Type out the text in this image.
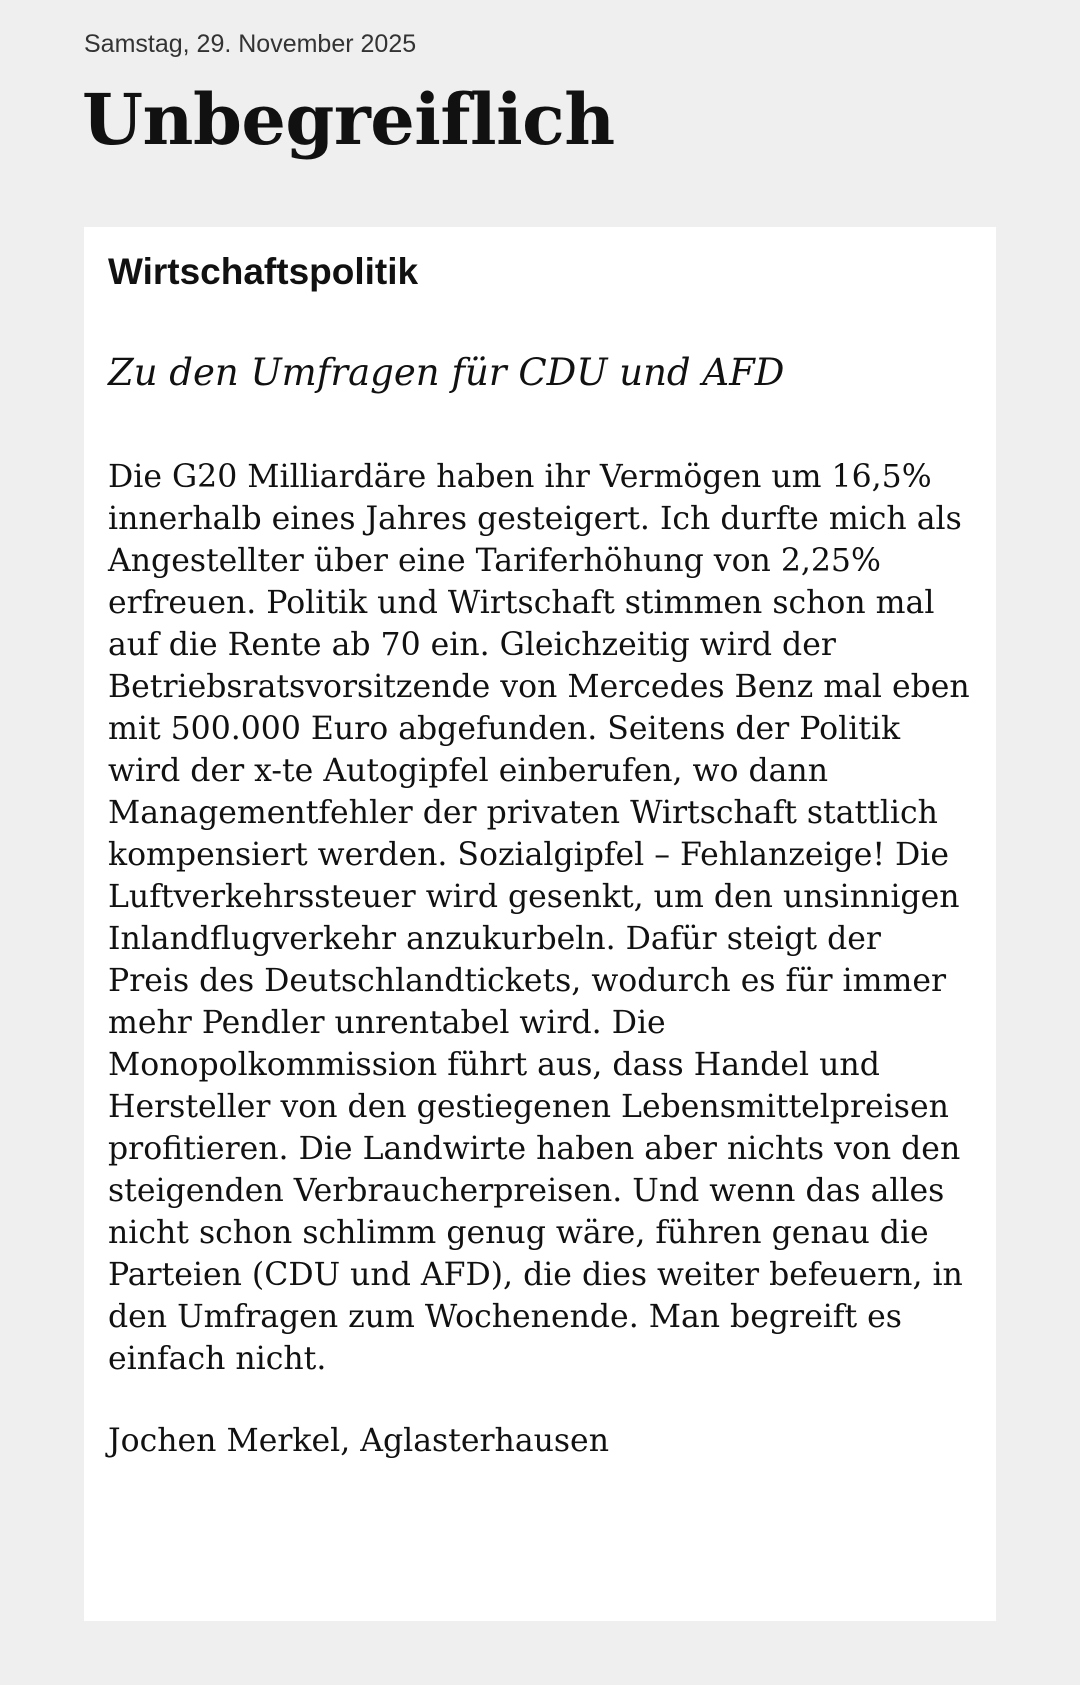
Samstag, 29. November 2025
Unbegreiflich
Wirtschaftspolitik
Zu den Umfragen für CDU und AFD

Die G20 Milliardäre haben ihr Vermögen um 16,5% innerhalb eines Jahres gesteigert. Ich durfte mich als Angestellter über eine Tariferhöhung von 2,25% erfreuen. Politik und Wirtschaft stimmen schon mal auf die Rente ab 70 ein. Gleichzeitig wird der Betriebsratsvorsitzende von Mercedes Benz mal eben mit 500.000 Euro abgefunden. Seitens der Politik wird der x-te Autogipfel einberufen, wo dann Managementfehler der privaten Wirtschaft stattlich kompensiert werden. Sozialgipfel – Fehlanzeige! Die Luftverkehrssteuer wird gesenkt, um den unsinnigen Inlandflugverkehr anzukurbeln. Dafür steigt der Preis des Deutschlandtickets, wodurch es für immer mehr Pendler unrentabel wird. Die Monopolkommission führt aus, dass Handel und Hersteller von den gestiegenen Lebensmittelpreisen profitieren. Die Landwirte haben aber nichts von den steigenden Verbraucherpreisen. Und wenn das alles nicht schon schlimm genug wäre, führen genau die Parteien (CDU und AFD), die dies weiter befeuern, in den Umfragen zum Wochenende. Man begreift es einfach nicht.

Jochen Merkel, Aglasterhausen
